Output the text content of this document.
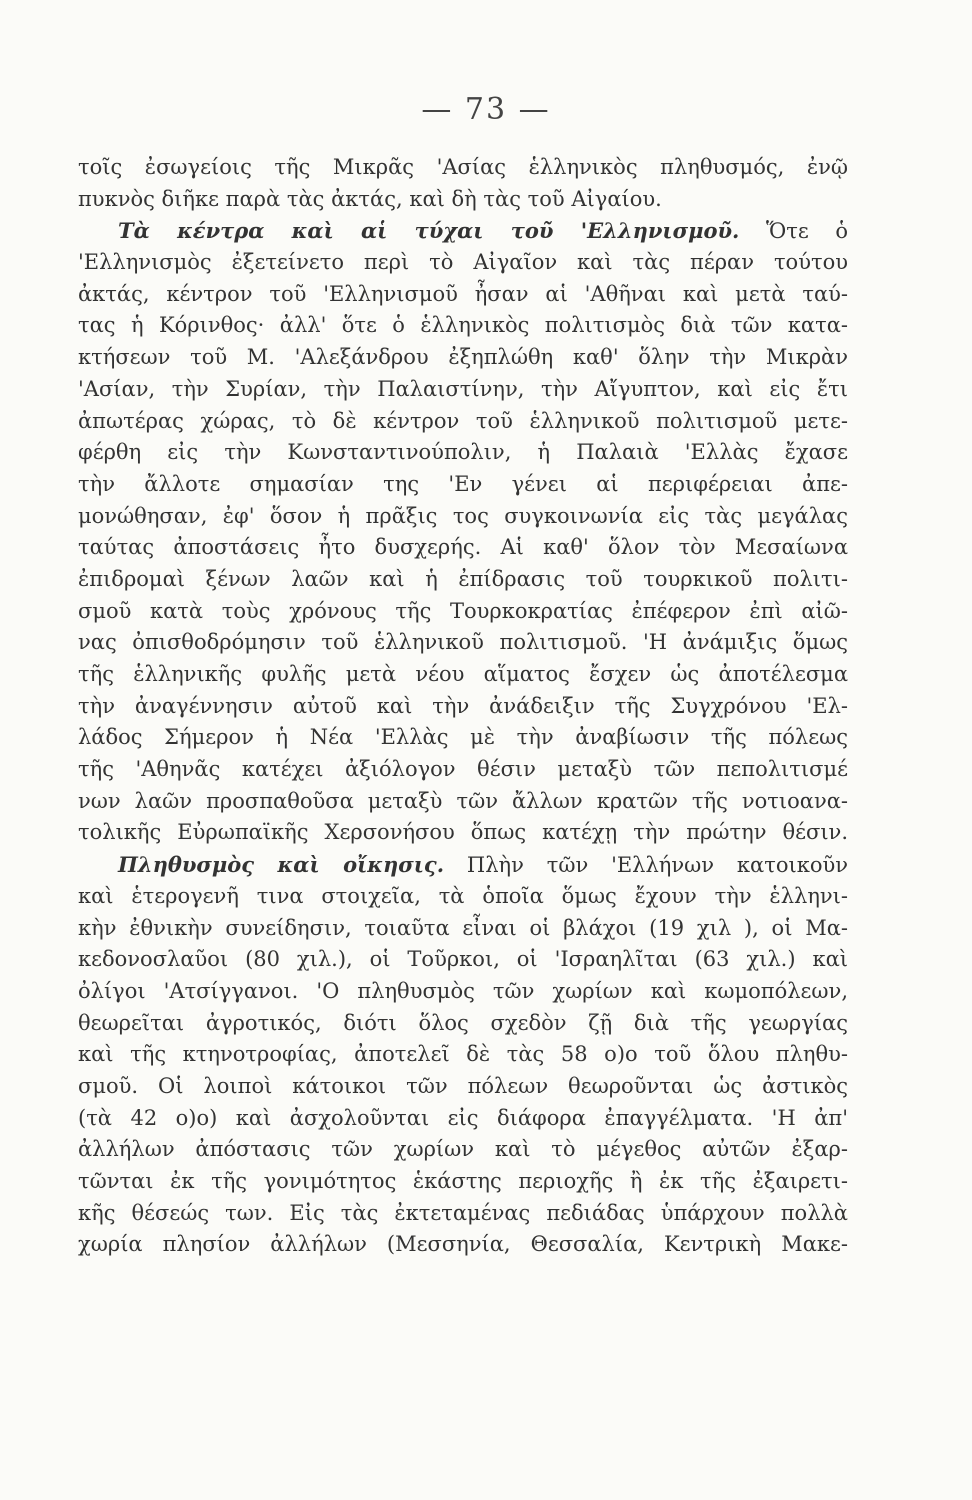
— 73 —
τοῖς ἐσωγείοις τῆς Μικρᾶς 'Ασίας ἑλληνικὸς πληθυσμός, ἐνῷ
πυκνὸς διῆκε παρὰ τὰς ἀκτάς, καὶ δὴ τὰς τοῦ Αἰγαίου.
Τὰ κέντρα καὶ αἱ τύχαι τοῦ 'Ελληνισμοῦ. Ὅτε ὁ
'Ελληνισμὸς ἐξετείνετο περὶ τὸ Αἰγαῖον καὶ τὰς πέραν τούτου
ἀκτάς, κέντρον τοῦ 'Ελληνισμοῦ ἦσαν αἱ 'Αθῆναι καὶ μετὰ ταύ-
τας ἡ Κόρινθος· ἀλλ' ὅτε ὁ ἑλληνικὸς πολιτισμὸς διὰ τῶν κατα-
κτήσεων τοῦ Μ. 'Αλεξάνδρου ἐξηπλώθη καθ' ὅλην τὴν Μικρὰν
'Ασίαν, τὴν Συρίαν, τὴν Παλαιστίνην, τὴν Αἴγυπτον, καὶ εἰς ἔτι
ἀπωτέρας χώρας, τὸ δὲ κέντρον τοῦ ἑλληνικοῦ πολιτισμοῦ μετε-
φέρθη εἰς τὴν Κωνσταντινούπολιν, ἡ Παλαιὰ 'Ελλὰς ἔχασε
τὴν ἄλλοτε σημασίαν της 'Εν γένει αἱ περιφέρειαι ἀπε-
μονώθησαν, ἐφ' ὅσον ἡ πρᾶξις τος συγκοινωνία εἰς τὰς μεγάλας
ταύτας ἀποστάσεις ἦτο δυσχερής. Αἱ καθ' ὅλον τὸν Μεσαίωνα
ἐπιδρομαὶ ξένων λαῶν καὶ ἡ ἐπίδρασις τοῦ τουρκικοῦ πολιτι-
σμοῦ κατὰ τοὺς χρόνους τῆς Τουρκοκρατίας ἐπέφερον ἐπὶ αἰῶ-
νας ὀπισθοδρόμησιν τοῦ ἑλληνικοῦ πολιτισμοῦ. 'Η ἀνάμιξις ὅμως
τῆς ἑλληνικῆς φυλῆς μετὰ νέου αἵματος ἔσχεν ὡς ἀποτέλεσμα
τὴν ἀναγέννησιν αὐτοῦ καὶ τὴν ἀνάδειξιν τῆς Συγχρόνου 'Ελ-
λάδος Σήμερον ἡ Νέα 'Ελλὰς μὲ τὴν ἀναβίωσιν τῆς πόλεως
τῆς 'Αθηνᾶς κατέχει ἀξιόλογον θέσιν μεταξὺ τῶν πεπολιτισμέ
νων λαῶν προσπαθοῦσα μεταξὺ τῶν ἄλλων κρατῶν τῆς νοτιοανα-
τολικῆς Εὐρωπαϊκῆς Χερσονήσου ὅπως κατέχῃ τὴν πρώτην θέσιν.
Πληθυσμὸς καὶ οἴκησις. Πλὴν τῶν 'Ελλήνων κατοικοῦν
καὶ ἑτερογενῆ τινα στοιχεῖα, τὰ ὁποῖα ὅμως ἔχουν τὴν ἑλληνι-
κὴν ἐθνικὴν συνείδησιν, τοιαῦτα εἶναι οἱ βλάχοι (19 χιλ ), οἱ Μα-
κεδονοσλαῦοι (80 χιλ.), οἱ Τοῦρκοι, οἱ 'Ισραηλῖται (63 χιλ.) καὶ
ὀλίγοι 'Ατσίγγανοι. 'Ο πληθυσμὸς τῶν χωρίων καὶ κωμοπόλεων,
θεωρεῖται ἀγροτικός, διότι ὅλος σχεδὸν ζῇ διὰ τῆς γεωργίας
καὶ τῆς κτηνοτροφίας, ἀποτελεῖ δὲ τὰς 58 ο)ο τοῦ ὅλου πληθυ-
σμοῦ. Οἱ λοιποὶ κάτοικοι τῶν πόλεων θεωροῦνται ὡς ἀστικὸς
(τὰ 42 ο)ο) καὶ ἀσχολοῦνται εἰς διάφορα ἐπαγγέλματα. 'Η ἀπ'
ἀλλήλων ἀπόστασις τῶν χωρίων καὶ τὸ μέγεθος αὐτῶν ἐξαρ-
τῶνται ἐκ τῆς γονιμότητος ἑκάστης περιοχῆς ἢ ἐκ τῆς ἐξαιρετι-
κῆς θέσεώς των. Εἰς τὰς ἐκτεταμένας πεδιάδας ὑπάρχουν πολλὰ
χωρία πλησίον ἀλλήλων (Μεσσηνία, Θεσσαλία, Κεντρικὴ Μακε-
